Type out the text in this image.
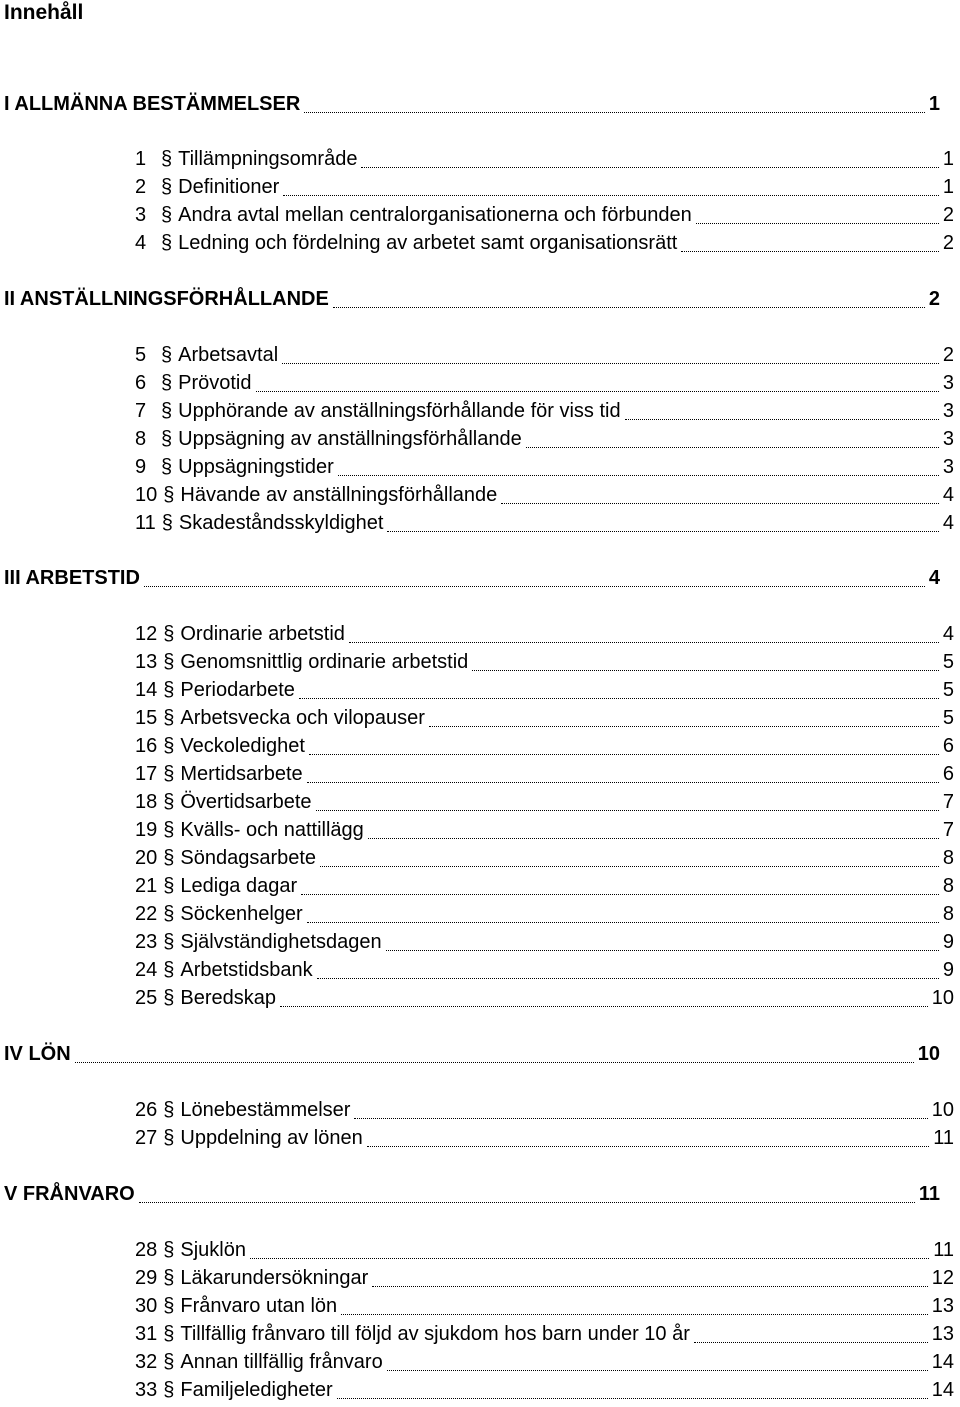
Innehåll
I ALLMÄNNA BESTÄMMELSER	1
1 § Tillämpningsområde	1
2 § Definitioner	1
3 § Andra avtal mellan centralorganisationerna och förbunden	2
4 § Ledning och fördelning av arbetet samt organisationsrätt	2
II ANSTÄLLNINGSFÖRHÅLLANDE	2
5 § Arbetsavtal	2
6 § Prövotid	3
7 § Upphörande av anställningsförhållande för viss tid	3
8 § Uppsägning av anställningsförhållande	3
9 § Uppsägningstider	3
10 § Hävande av anställningsförhållande	4
11 § Skadeståndsskyldighet	4
III ARBETSTID	4
12 § Ordinarie arbetstid	4
13 § Genomsnittlig ordinarie arbetstid	5
14 § Periodarbete	5
15 § Arbetsvecka och vilopauser	5
16 § Veckoledighet	6
17 § Mertidsarbete	6
18 § Övertidsarbete	7
19 § Kvälls- och nattillägg	7
20 § Söndagsarbete	8
21 § Lediga dagar	8
22 § Söckenhelger	8
23 § Självständighetsdagen	9
24 § Arbetstidsbank	9
25 § Beredskap	10
IV LÖN	10
26 § Lönebestämmelser	10
27 § Uppdelning av lönen	11
V FRÅNVARO	11
28 § Sjuklön	11
29 § Läkarundersökningar	12
30 § Frånvaro utan lön	13
31 § Tillfällig frånvaro till följd av sjukdom hos barn under 10 år	13
32 § Annan tillfällig frånvaro	14
33 § Familjeledigheter	14
